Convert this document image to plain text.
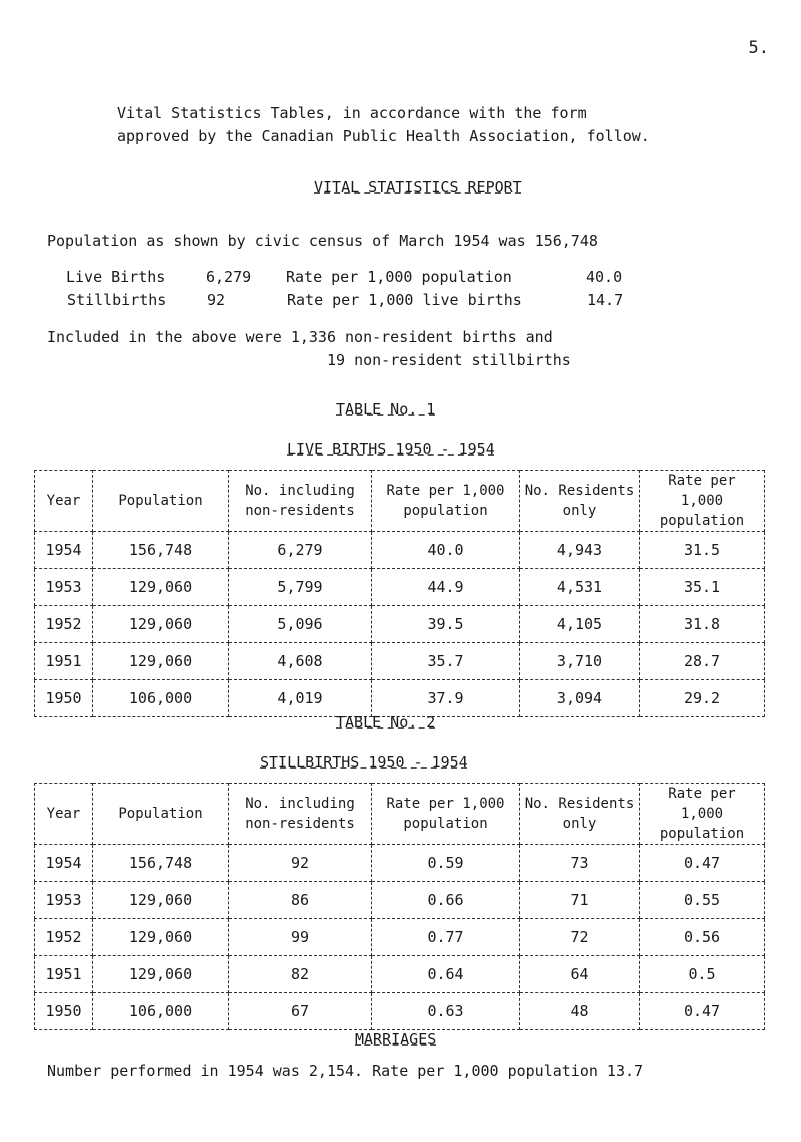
5.
Vital Statistics Tables, in accordance with the form
approved by the Canadian Public Health Association, follow.
VITAL STATISTICS REPORT
Population as shown by civic census of March 1954 was 156,748
Live Births	6,279	Rate per 1,000 population	40.0
Stillbirths	92	Rate per 1,000 live births	14.7
Included in the above were 1,336 non-resident births and
19 non-resident stillbirths
TABLE No. 1
LIVE BIRTHS 1950 - 1954
Year	Population	No. including non-residents	Rate per 1,000 population	No. Residents only	Rate per 1,000 population
1954	156,748	6,279	40.0	4,943	31.5
1953	129,060	5,799	44.9	4,531	35.1
1952	129,060	5,096	39.5	4,105	31.8
1951	129,060	4,608	35.7	3,710	28.7
1950	106,000	4,019	37.9	3,094	29.2
TABLE No. 2
STILLBIRTHS 1950 - 1954
Year	Population	No. including non-residents	Rate per 1,000 population	No. Residents only	Rate per 1,000 population
1954	156,748	92	0.59	73	0.47
1953	129,060	86	0.66	71	0.55
1952	129,060	99	0.77	72	0.56
1951	129,060	82	0.64	64	0.5
1950	106,000	67	0.63	48	0.47
MARRIAGES
Number performed in 1954 was 2,154. Rate per 1,000 population 13.7
